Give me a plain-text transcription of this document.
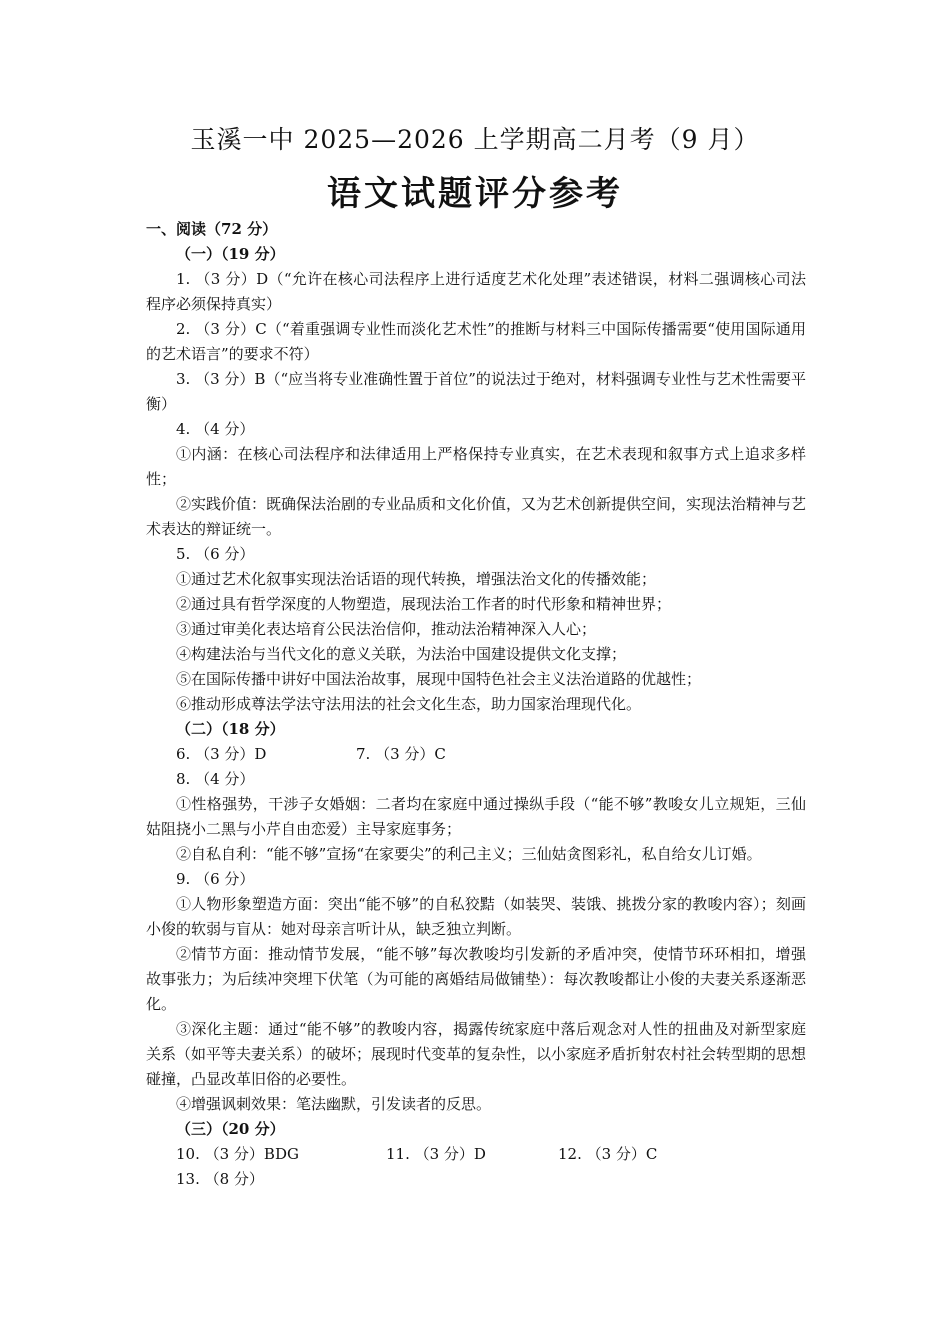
玉溪一中 2025—2026 上学期高二月考（9 月）
语文试题评分参考
一、阅读（72 分）
（一）（19 分）
1. （3 分）D（“允许在核心司法程序上进行适度艺术化处理”表述错误，材料二强调核心司法程序必须保持真实）
2. （3 分）C（“着重强调专业性而淡化艺术性”的推断与材料三中国际传播需要“使用国际通用的艺术语言”的要求不符）
3. （3 分）B（“应当将专业准确性置于首位”的说法过于绝对，材料强调专业性与艺术性需要平衡）
4. （4 分）
①内涵：在核心司法程序和法律适用上严格保持专业真实，在艺术表现和叙事方式上追求多样性；
②实践价值：既确保法治剧的专业品质和文化价值，又为艺术创新提供空间，实现法治精神与艺术表达的辩证统一。
5. （6 分）
①通过艺术化叙事实现法治话语的现代转换，增强法治文化的传播效能；
②通过具有哲学深度的人物塑造，展现法治工作者的时代形象和精神世界；
③通过审美化表达培育公民法治信仰，推动法治精神深入人心；
④构建法治与当代文化的意义关联，为法治中国建设提供文化支撑；
⑤在国际传播中讲好中国法治故事，展现中国特色社会主义法治道路的优越性；
⑥推动形成尊法学法守法用法的社会文化生态，助力国家治理现代化。
（二）（18 分）
6. （3 分）D	7. （3 分）C
8. （4 分）
①性格强势，干涉子女婚姻：二者均在家庭中通过操纵手段（“能不够”教唆女儿立规矩，三仙姑阻挠小二黑与小芹自由恋爱）主导家庭事务；
②自私自利：“能不够”宣扬“在家要尖”的利己主义；三仙姑贪图彩礼，私自给女儿订婚。
9. （6 分）
①人物形象塑造方面：突出“能不够”的自私狡黠（如装哭、装饿、挑拨分家的教唆内容）；刻画小俊的软弱与盲从：她对母亲言听计从，缺乏独立判断。
②情节方面：推动情节发展，“能不够”每次教唆均引发新的矛盾冲突，使情节环环相扣，增强故事张力；为后续冲突埋下伏笔（为可能的离婚结局做铺垫）：每次教唆都让小俊的夫妻关系逐渐恶化。
③深化主题：通过“能不够”的教唆内容，揭露传统家庭中落后观念对人性的扭曲及对新型家庭关系（如平等夫妻关系）的破坏；展现时代变革的复杂性，以小家庭矛盾折射农村社会转型期的思想碰撞，凸显改革旧俗的必要性。
④增强讽刺效果：笔法幽默，引发读者的反思。
（三）（20 分）
10. （3 分）BDG	11. （3 分）D	12. （3 分）C
13. （8 分）
